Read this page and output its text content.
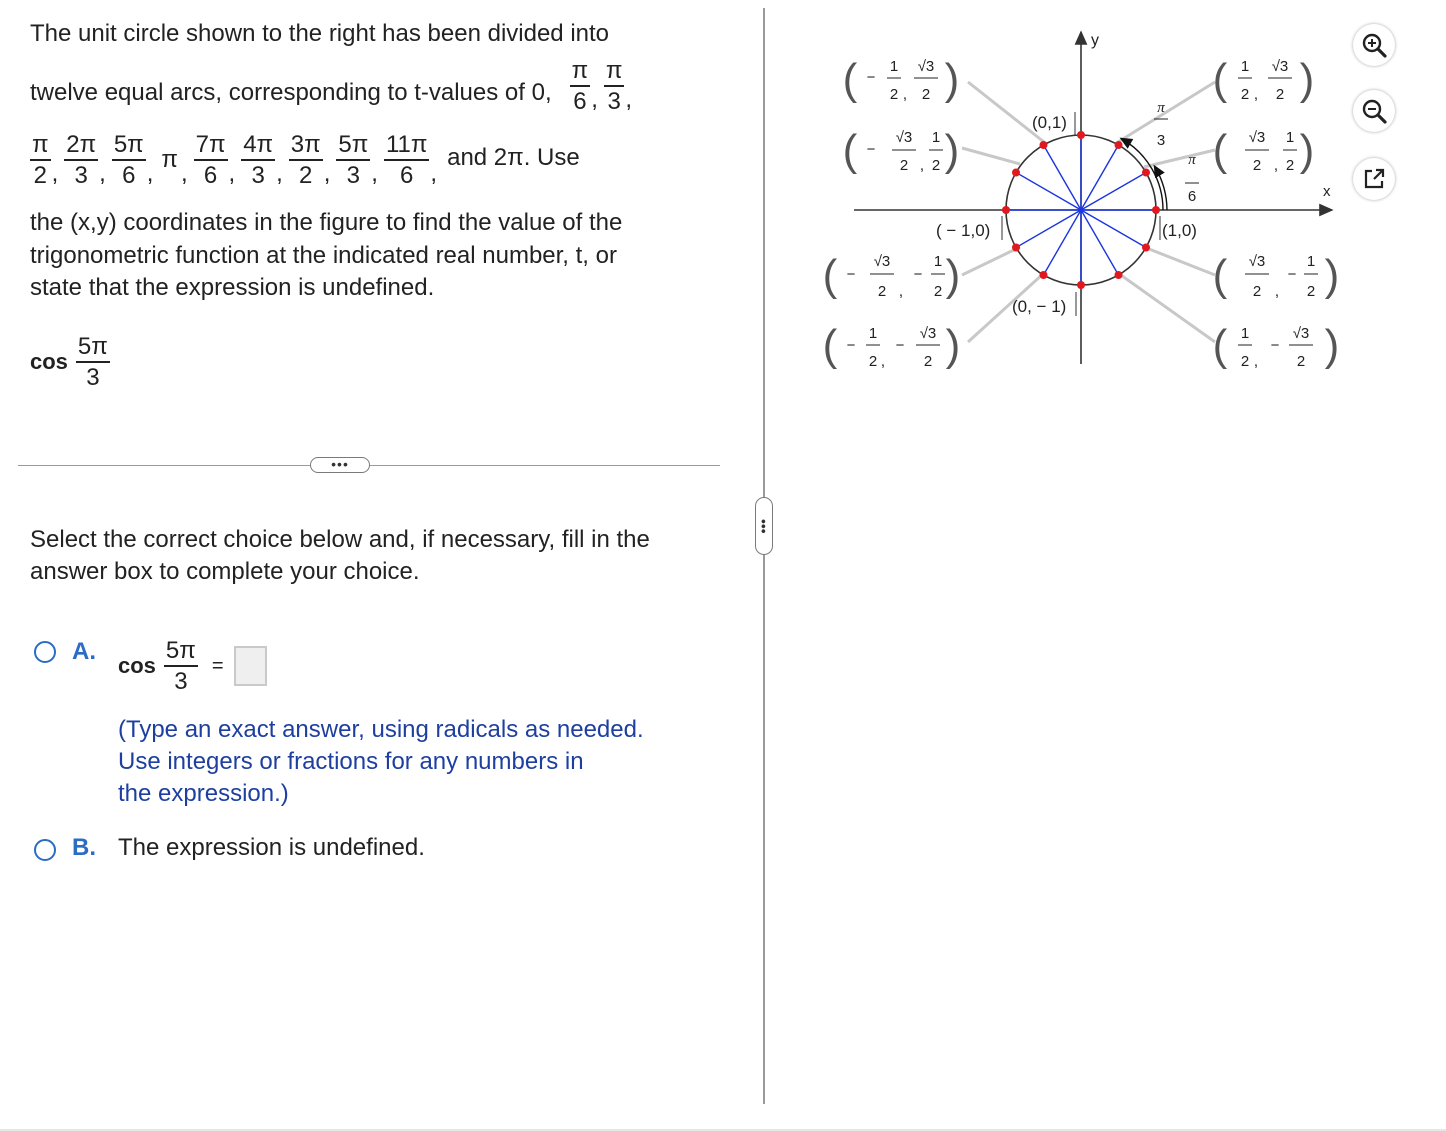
The unit circle shown to the right has been divided into
twelve equal arcs, corresponding to t-values of 0, $\frac{\pi}{6}$ , $\frac{\pi}{3}$ ,
$\frac{\pi}{2}$ , $\frac{2\pi}{3}$ , $\frac{5\pi}{6}$ ,
π
, $\frac{7\pi}{6}$ , $\frac{4\pi}{3}$ , $\frac{3\pi}{2}$ , $\frac{5\pi}{3}$ , $\frac{11\pi}{6}$ ,
and 2π. Use
the (x,y) coordinates in the figure to find the value of the
trigonometric function at the indicated real number, t, or
state that the expression is undefined.
$\cos \frac{5\pi}{3}$
•••
Select the correct choice below and, if necessary, fill in the
answer box to complete your choice.
A.
$\cos \frac{5\pi}{3}$ =
(Type an exact answer, using radicals as needed.
Use integers or fractions for any numbers in
the expression.)
B. The expression is undefined.
•••
x
y
(0,1)
( − 1,0)	(1,0)
(0, − 1)
π
3
π
6
( )
−
1
2 ,
√3
2
( )
−
√3
2 ,
1
2
( )
−
√3
2 ,
−
1
2
( )
−
1
2 ,
−
√3
2
( )
1
2 ,
√3
2
( )
√3
2 ,
1
2
( )
√3
2 ,
−
1
2
( )
1
2 ,
−
√3
2
